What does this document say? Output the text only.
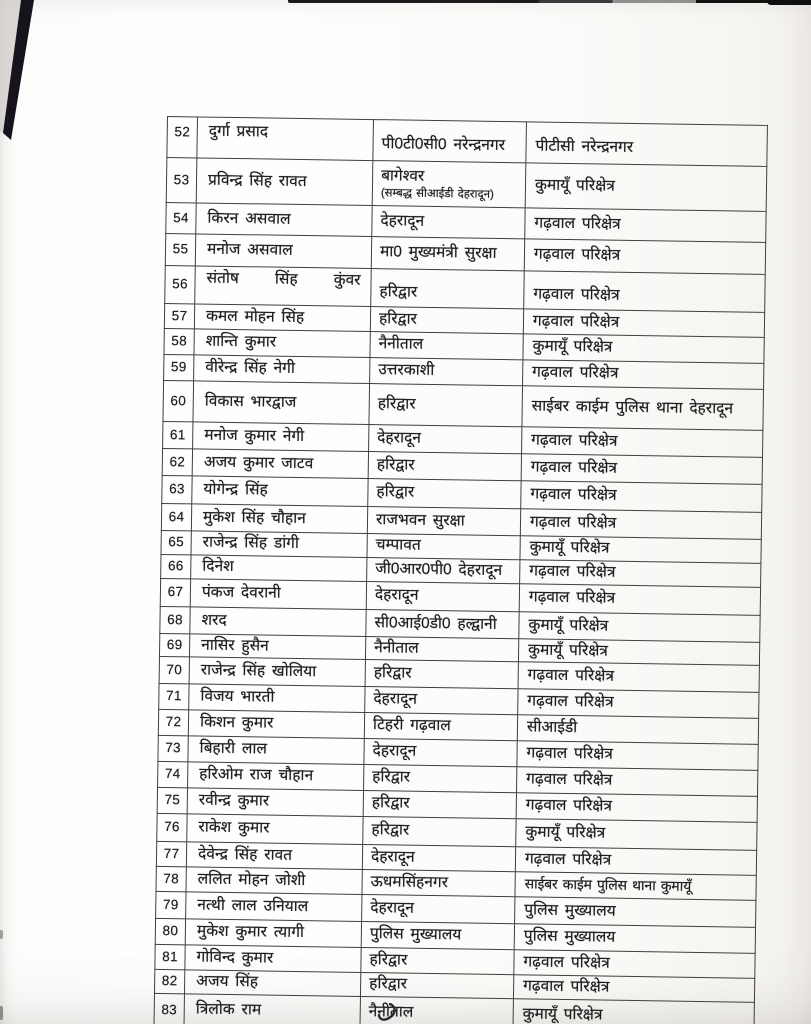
52	दुर्गा प्रसाद	पी0टी0सी0 नरेन्द्रनगर	पीटीसी नरेन्द्रनगर

53	प्रविन्द्र सिंह रावत	बागेश्वर
(सम्बद्ध सीआईडी देहरादून)	कुमायूँ परिक्षेत्र

54	किरन असवाल	देहरादून	गढ़वाल परिक्षेत्र

55	मनोज असवाल	मा0 मुख्यमंत्री सुरक्षा	गढ़वाल परिक्षेत्र

56	संतोष सिंह कुंवर	हरिद्वार	गढ़वाल परिक्षेत्र

57	कमल मोहन सिंह	हरिद्वार	गढ़वाल परिक्षेत्र

58	शान्ति कुमार	नैनीताल	कुमायूँ परिक्षेत्र

59	वीरेन्द्र सिंह नेगी	उत्तरकाशी	गढ़वाल परिक्षेत्र

60	विकास भारद्वाज	हरिद्वार	साईबर काईम पुलिस थाना देहरादून

61	मनोज कुमार नेगी	देहरादून	गढ़वाल परिक्षेत्र

62	अजय कुमार जाटव	हरिद्वार	गढ़वाल परिक्षेत्र

63	योगेन्द्र सिंह	हरिद्वार	गढ़वाल परिक्षेत्र

64	मुकेश सिंह चौहान	राजभवन सुरक्षा	गढ़वाल परिक्षेत्र

65	राजेन्द्र सिंह डांगी	चम्पावत	कुमायूँ परिक्षेत्र

66	दिनेश	जी0आर0पी0 देहरादून	गढ़वाल परिक्षेत्र

67	पंकज देवरानी	देहरादून	गढ़वाल परिक्षेत्र

68	शरद	सी0आई0डी0 हल्द्वानी	कुमायूँ परिक्षेत्र

69	नासिर हुसैन	नैनीताल	कुमायूँ परिक्षेत्र

70	राजेन्द्र सिंह खोलिया	हरिद्वार	गढ़वाल परिक्षेत्र

71	विजय भारती	देहरादून	गढ़वाल परिक्षेत्र

72	किशन कुमार	टिहरी गढ़वाल	सीआईडी

73	बिहारी लाल	देहरादून	गढ़वाल परिक्षेत्र

74	हरिओम राज चौहान	हरिद्वार	गढ़वाल परिक्षेत्र

75	रवीन्द्र कुमार	हरिद्वार	गढ़वाल परिक्षेत्र

76	राकेश कुमार	हरिद्वार	कुमायूँ परिक्षेत्र

77	देवेन्द्र सिंह रावत	देहरादून	गढ़वाल परिक्षेत्र

78	ललित मोहन जोशी	ऊधमसिंहनगर	साईबर काईम पुलिस थाना कुमायूँ

79	नत्थी लाल उनियाल	देहरादून	पुलिस मुख्यालय

80	मुकेश कुमार त्यागी	पुलिस मुख्यालय	पुलिस मुख्यालय

81	गोविन्द कुमार	हरिद्वार	गढ़वाल परिक्षेत्र

82	अजय सिंह	हरिद्वार	गढ़वाल परिक्षेत्र

83	त्रिलोक राम	नैनीताल	कुमायूँ परिक्षेत्र
